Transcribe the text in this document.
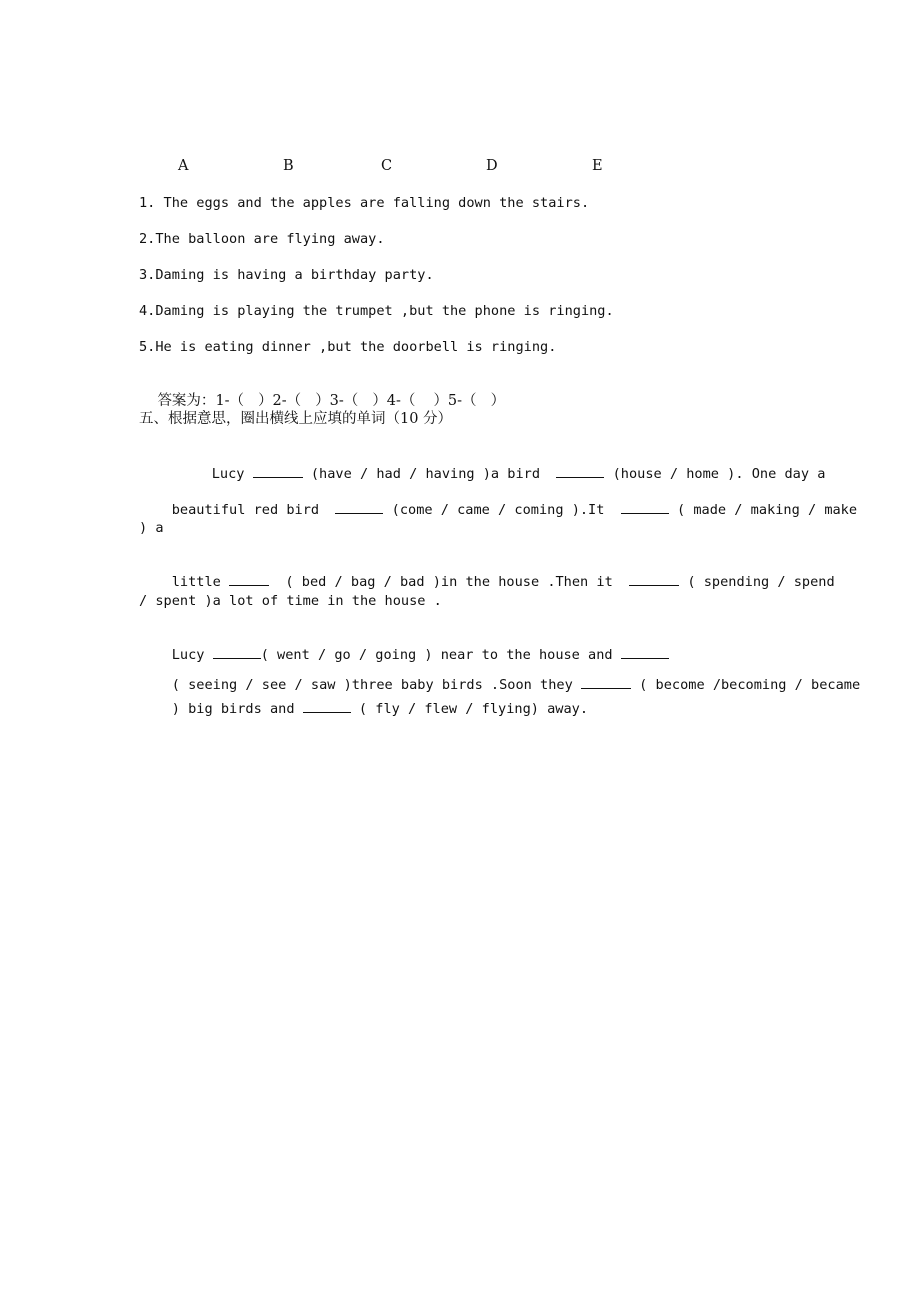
A

	B

	C

	D

	E

1. The eggs and the apples are falling down the stairs.
2.The balloon are flying away.
3.Daming is having a birthday party.
4.Daming is playing the trumpet ,but the phone is ringing.
5.He is eating dinner ,but the doorbell is ringing.

答案为：1-（ ）2-（ ）3-（ ）4-（ ）5-（ ）

五、根据意思，圈出横线上应填的单词（10 分）

Lucy	(have / had / having )a bird	(house / home ). One day a

beautiful red bird	(come / came / coming ).It	( made / making / make

) a

little	( bed / bag / bad )in the house .Then it	( spending / spend

/ spent )a lot of time in the house .

Lucy	( went / go / going ) near to the house and

( seeing / see / saw )three baby birds .Soon they	( become /becoming / became

) big birds and	( fly / flew / flying) away.
